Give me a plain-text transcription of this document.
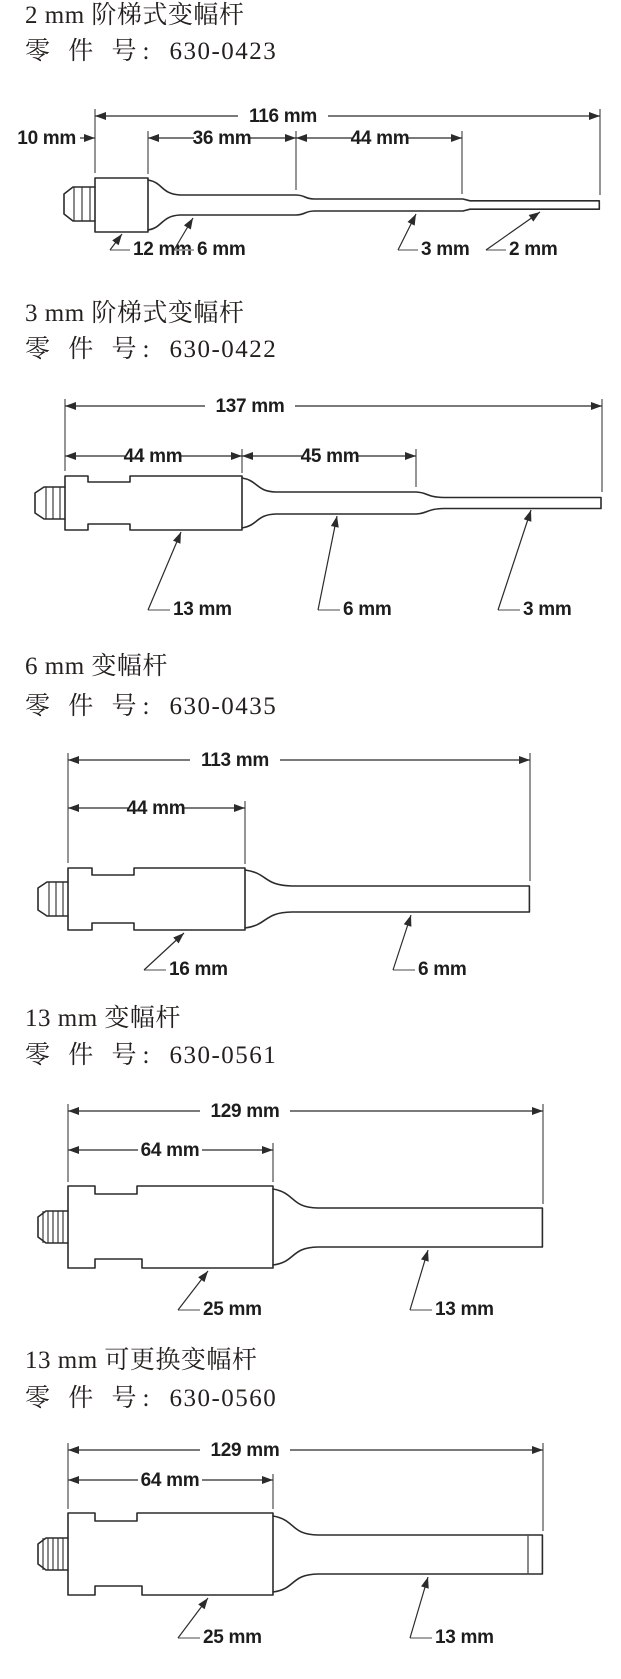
2 mm 阶梯式变幅杆
零 件 号: 630-0423
116 mm
10 mm	36 mm	44 mm
12 mm 6 mm	3 mm 2 mm
3 mm 阶梯式变幅杆
零 件 号: 630-0422
137 mm
44 mm	45 mm
13 mm	6 mm	3 mm
6 mm 变幅杆
零 件 号: 630-0435
113 mm
44 mm
16 mm	6 mm
13 mm 变幅杆
零 件 号: 630-0561
129 mm
64 mm
25 mm	13 mm
13 mm 可更换变幅杆
零 件 号: 630-0560
129 mm
64 mm
25 mm	13 mm
